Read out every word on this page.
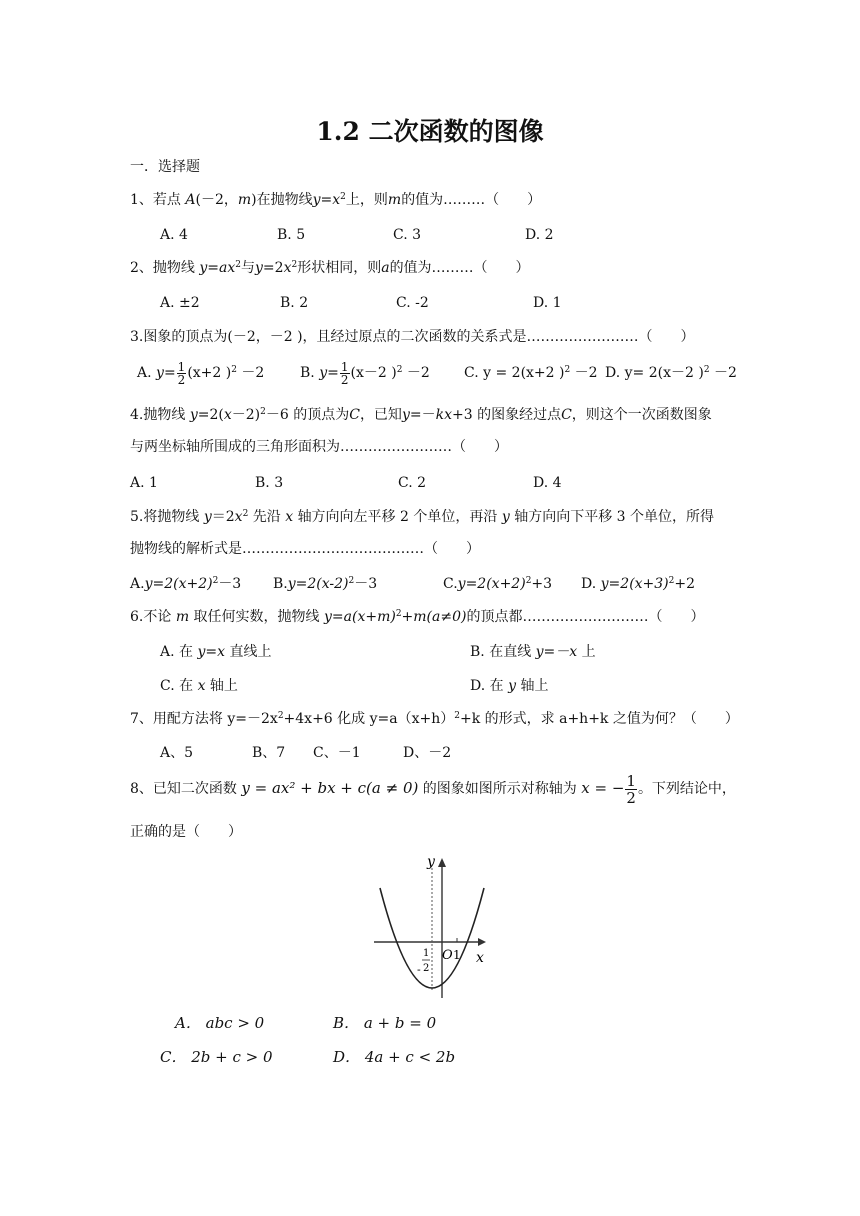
1.2 二次函数的图像
一．选择题
1、若点 A(－2，m)在抛物线$y=x^2$上，则m的值为………（　　）
A. 4	B. 5	C. 3	D. 2
2、抛物线 $y=ax^2$与$y=2x^2$形状相同，则a的值为………（　　）
A. ±2	B. 2	C. -2	D. 1
3.图象的顶点为(－2，－2 )，且经过原点的二次函数的关系式是……………………（　　）
A. $y= \frac{1}{2} (x+2$ )$^2$ －2	B. $y= \frac{1}{2} (x-2$ )$^2$ －2 C. y = 2(x+2 )$^2$ －2 D. y= 2(x－2 )$^2$ －2
4.抛物线 $y=2(x-2)^2-6$ 的顶点为C，已知y=－kx+3 的图象经过点C，则这个一次函数图象
与两坐标轴所围成的三角形面积为……………………（　　）
A. 1	B. 3	C. 2	D. 4
5.将抛物线 $y=2x^2$ 先沿 x 轴方向向左平移 2 个单位，再沿 y 轴方向向下平移 3 个单位，所得
抛物线的解析式是…………………………………（　　）
$A.y=2(x+2)^2-3$ $B.y=2(x-2)^2-3$	$C.y=2(x+2)^2+3$ D. $y=2(x+3)^2+2$
6.不论 m 取任何实数，抛物线 $y=a(x+m)^2+m(a\ne 0)$的顶点都………………………（　　）
A. 在 y=x 直线上	B. 在直线 y=－x 上
C. 在 x 轴上	D. 在 y 轴上
7、用配方法将 $y=-2x^2+4x+6$ 化成 $y=a(x+h)^2+k$ 的形式，求 a+h+k 之值为何？（　　）
A、5	B、7 C、－1	D、－2
8、已知二次函数 y = ax² + bx + c(a ≠ 0) 的图象如图所示对称轴为 x = − $\frac{1}{2}$ 。下列结论中，
正确的是（　　）
y
x
O 1
-
1
2
A． abc > 0	B． a + b = 0
C． 2b + c > 0	D． 4a + c < 2b
